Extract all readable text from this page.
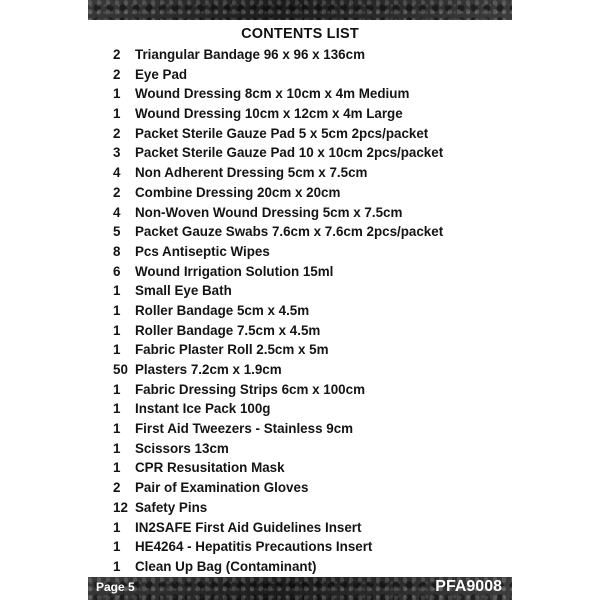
CONTENTS LIST
2	Triangular Bandage 96 x 96 x 136cm
2	Eye Pad
1	Wound Dressing 8cm x 10cm x 4m Medium
1	Wound Dressing 10cm x 12cm x 4m Large
2	Packet Sterile Gauze Pad 5 x 5cm 2pcs/packet
3	Packet Sterile Gauze Pad 10 x 10cm 2pcs/packet
4	Non Adherent Dressing 5cm x 7.5cm
2	Combine Dressing 20cm x 20cm
4	Non-Woven Wound Dressing 5cm x 7.5cm
5	Packet Gauze Swabs 7.6cm x 7.6cm 2pcs/packet
8	Pcs Antiseptic Wipes
6	Wound Irrigation Solution 15ml
1	Small Eye Bath
1	Roller Bandage 5cm x 4.5m
1	Roller Bandage 7.5cm x 4.5m
1	Fabric Plaster Roll 2.5cm x 5m
50 Plasters 7.2cm x 1.9cm
1	Fabric Dressing Strips 6cm x 100cm
1	Instant Ice Pack 100g
1	First Aid Tweezers - Stainless 9cm
1	Scissors 13cm
1	CPR Resusitation Mask
2	Pair of Examination Gloves
12 Safety Pins
1	IN2SAFE First Aid Guidelines Insert
1	HE4264 - Hepatitis Precautions Insert
1	Clean Up Bag (Contaminant)
Page 5	PFA9008
